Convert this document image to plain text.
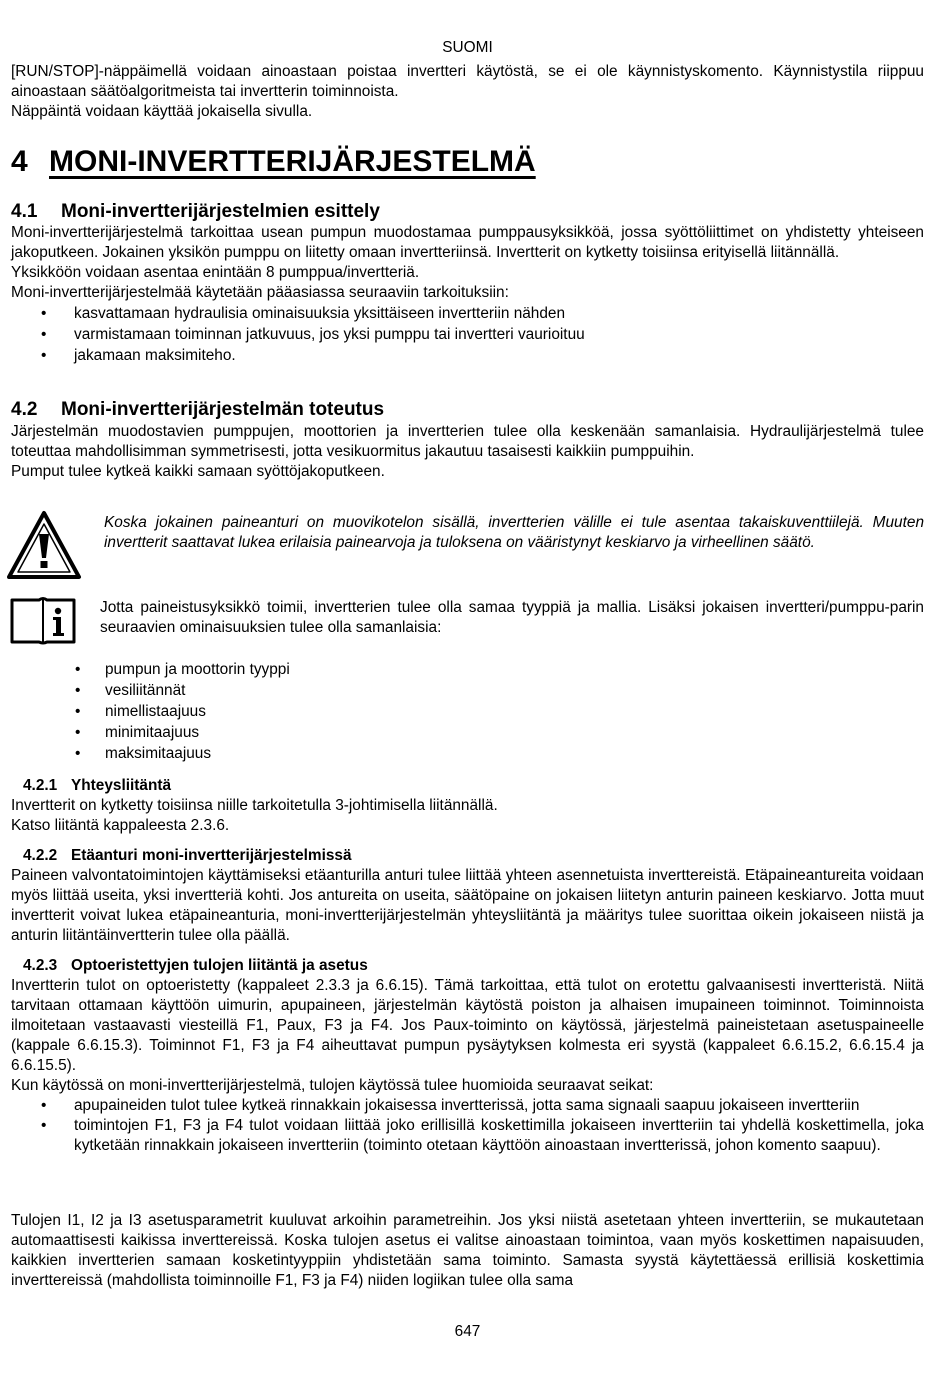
SUOMI

[RUN/STOP]-näppäimellä voidaan ainoastaan poistaa invertteri käytöstä, se ei ole käynnistyskomento. Käynnistystila riippuu ainoastaan säätöalgoritmeista tai invertterin toiminnoista.

Näppäintä voidaan käyttää jokaisella sivulla.

4 MONI-INVERTTERIJÄRJESTELMÄ
4.1 Moni-invertterijärjestelmien esittely

Moni-invertterijärjestelmä tarkoittaa usean pumpun muodostamaa pumppausyksikköä, jossa syöttöliittimet on yhdistetty yhteiseen jakoputkeen. Jokainen yksikön pumppu on liitetty omaan invertteriinsä. Invertterit on kytketty toisiinsa erityisellä liitännällä.

Yksikköön voidaan asentaa enintään 8 pumppua/invertteriä.

Moni-invertterijärjestelmää käytetään pääasiassa seuraaviin tarkoituksiin:

• kasvattamaan hydraulisia ominaisuuksia yksittäiseen invertteriin nähden
• varmistamaan toiminnan jatkuvuus, jos yksi pumppu tai invertteri vaurioituu
• jakamaan maksimiteho.
4.2 Moni-invertterijärjestelmän toteutus

Järjestelmän muodostavien pumppujen, moottorien ja invertterien tulee olla keskenään samanlaisia. Hydraulijärjestelmä tulee toteuttaa mahdollisimman symmetrisesti, jotta vesikuormitus jakautuu tasaisesti kaikkiin pumppuihin.

Pumput tulee kytkeä kaikki samaan syöttöjakoputkeen.

Koska jokainen paineanturi on muovikotelon sisällä, invertterien välille ei tule asentaa takaiskuventtiilejä. Muuten invertterit saattavat lukea erilaisia painearvoja ja tuloksena on vääristynyt keskiarvo ja virheellinen säätö.
Jotta paineistusyksikkö toimii, invertterien tulee olla samaa tyyppiä ja mallia. Lisäksi jokaisen invertteri/pumppu-parin seuraavien ominaisuuksien tulee olla samanlaisia:
• pumpun ja moottorin tyyppi
• vesiliitännät
• nimellistaajuus
• minimitaajuus
• maksimitaajuus
4.2.1 Yhteysliitäntä

Invertterit on kytketty toisiinsa niille tarkoitetulla 3-johtimisella liitännällä.

Katso liitäntä kappaleesta 2.3.6.

4.2.2 Etäanturi moni-invertterijärjestelmissä

Paineen valvontatoimintojen käyttämiseksi etäanturilla anturi tulee liittää yhteen asennetuista inverttereistä. Etäpaineantureita voidaan myös liittää useita, yksi invertteriä kohti. Jos antureita on useita, säätöpaine on jokaisen liitetyn anturin paineen keskiarvo. Jotta muut invertterit voivat lukea etäpaineanturia, moni-invertterijärjestelmän yhteysliitäntä ja määritys tulee suorittaa oikein jokaiseen niistä ja anturin liitäntäinvertterin tulee olla päällä.

4.2.3 Optoeristettyjen tulojen liitäntä ja asetus

Invertterin tulot on optoeristetty (kappaleet 2.3.3 ja 6.6.15). Tämä tarkoittaa, että tulot on erotettu galvaanisesti invertteristä. Niitä tarvitaan ottamaan käyttöön uimurin, apupaineen, järjestelmän käytöstä poiston ja alhaisen imupaineen toiminnot. Toiminnoista ilmoitetaan vastaavasti viesteillä F1, Paux, F3 ja F4. Jos Paux-toiminto on käytössä, järjestelmä paineistetaan asetuspaineelle (kappale 6.6.15.3). Toiminnot F1, F3 ja F4 aiheuttavat pumpun pysäytyksen kolmesta eri syystä (kappaleet 6.6.15.2, 6.6.15.4 ja 6.6.15.5).

Kun käytössä on moni-invertterijärjestelmä, tulojen käytössä tulee huomioida seuraavat seikat:

• apupaineiden tulot tulee kytkeä rinnakkain jokaisessa invertterissä, jotta sama signaali saapuu jokaiseen invertteriin
• toimintojen F1, F3 ja F4 tulot voidaan liittää joko erillisillä koskettimilla jokaiseen invertteriin tai yhdellä koskettimella, joka kytketään rinnakkain jokaiseen invertteriin (toiminto otetaan käyttöön ainoastaan invertterissä, johon komento saapuu).

Tulojen I1, I2 ja I3 asetusparametrit kuuluvat arkoihin parametreihin. Jos yksi niistä asetetaan yhteen invertteriin, se mukautetaan automaattisesti kaikissa inverttereissä. Koska tulojen asetus ei valitse ainoastaan toimintoa, vaan myös koskettimen napaisuuden, kaikkien invertterien samaan kosketintyyppiin yhdistetään sama toiminto. Samasta syystä käytettäessä erillisiä koskettimia inverttereissä (mahdollista toiminnoille F1, F3 ja F4) niiden logiikan tulee olla sama

647
